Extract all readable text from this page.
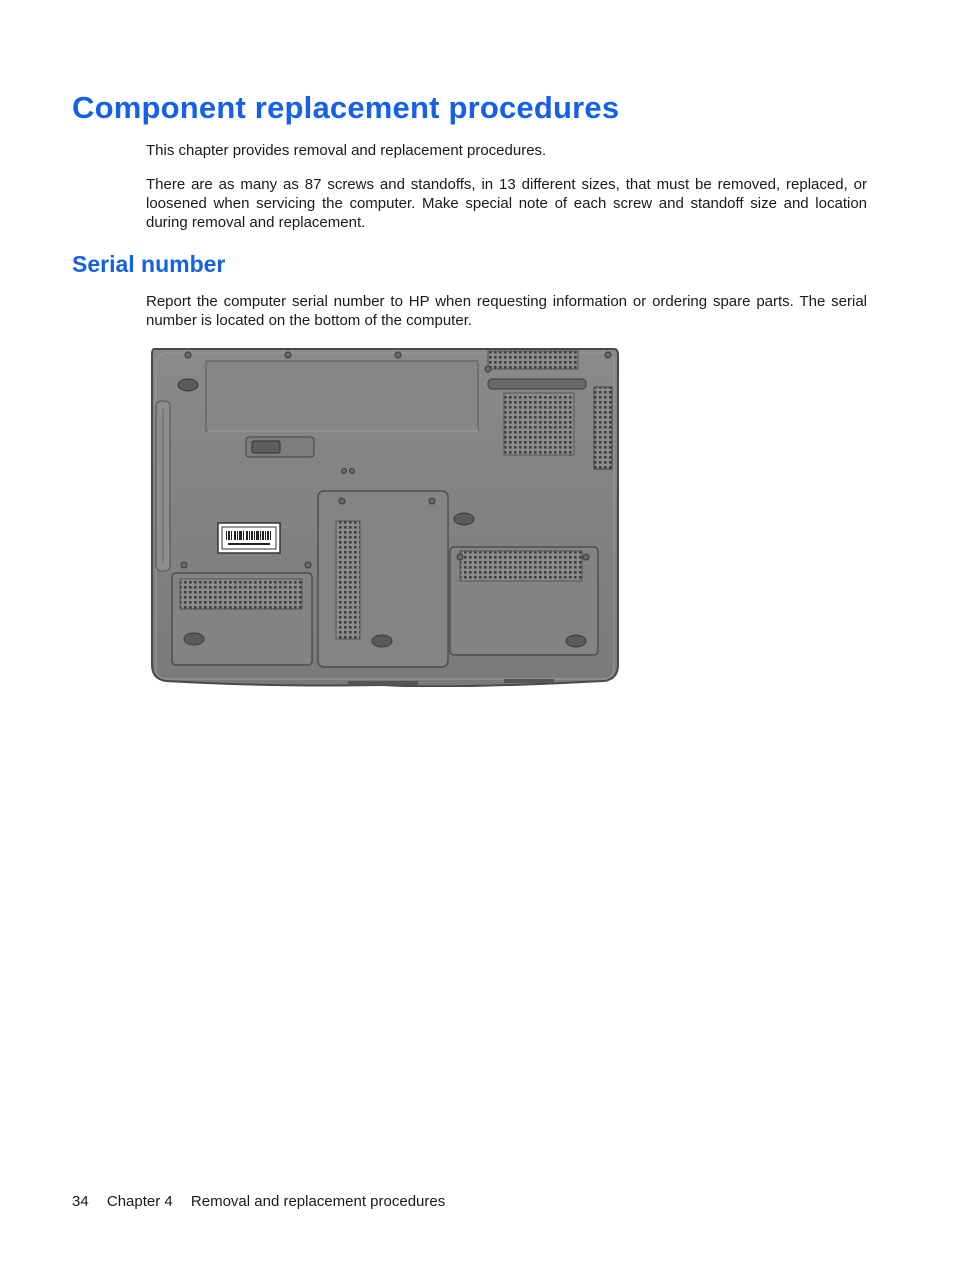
Component replacement procedures

This chapter provides removal and replacement procedures.

There are as many as 87 screws and standoffs, in 13 different sizes, that must be removed, replaced, or loosened when servicing the computer. Make special note of each screw and standoff size and location during removal and replacement.

Serial number

Report the computer serial number to HP when requesting information or ordering spare parts. The serial number is located on the bottom of the computer.

34 Chapter 4 Removal and replacement procedures
